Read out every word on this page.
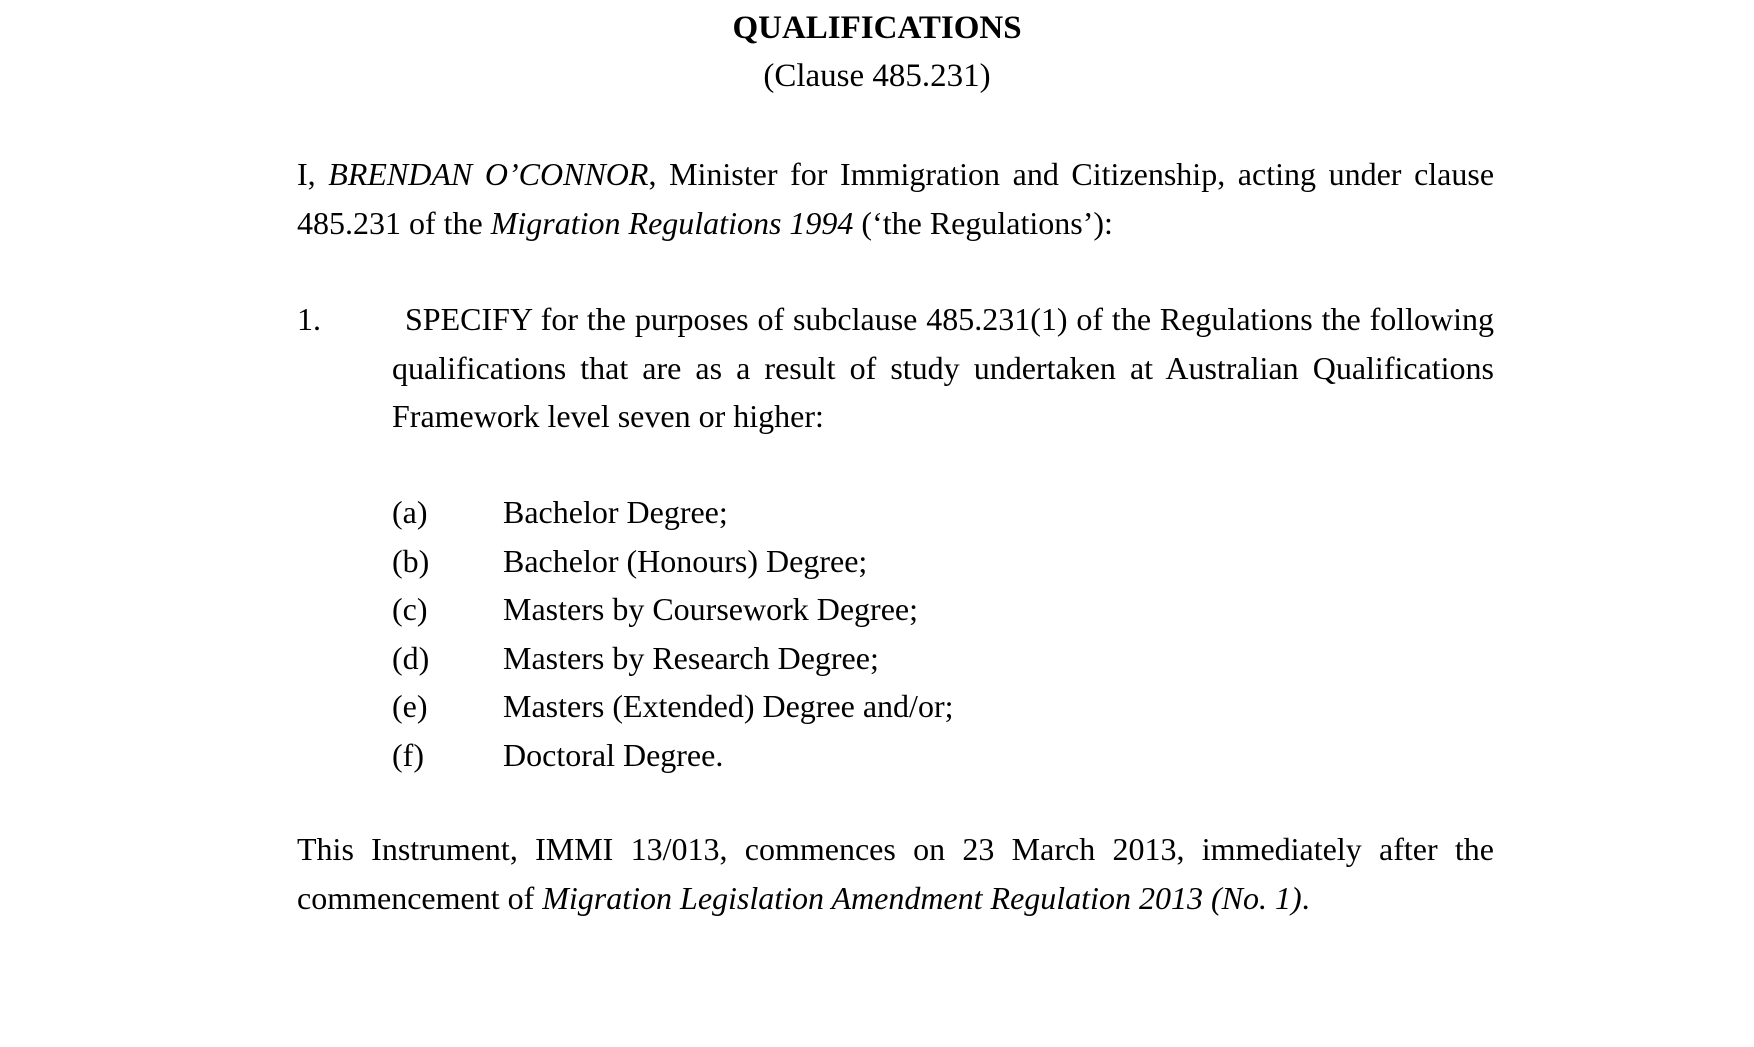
QUALIFICATIONS
(Clause 485.231)
I, BRENDAN O’CONNOR, Minister for Immigration and Citizenship, acting under clause 485.231 of the Migration Regulations 1994 (‘the Regulations’):
1.	SPECIFY for the purposes of subclause 485.231(1) of the Regulations the following qualifications that are as a result of study undertaken at Australian Qualifications Framework level seven or higher:
(a)	Bachelor Degree;
(b)	Bachelor (Honours) Degree;
(c)	Masters by Coursework Degree;
(d)	Masters by Research Degree;
(e)	Masters (Extended) Degree and/or;
(f)	Doctoral Degree.
This Instrument, IMMI 13/013, commences on 23 March 2013, immediately after the commencement of Migration Legislation Amendment Regulation 2013 (No. 1).
